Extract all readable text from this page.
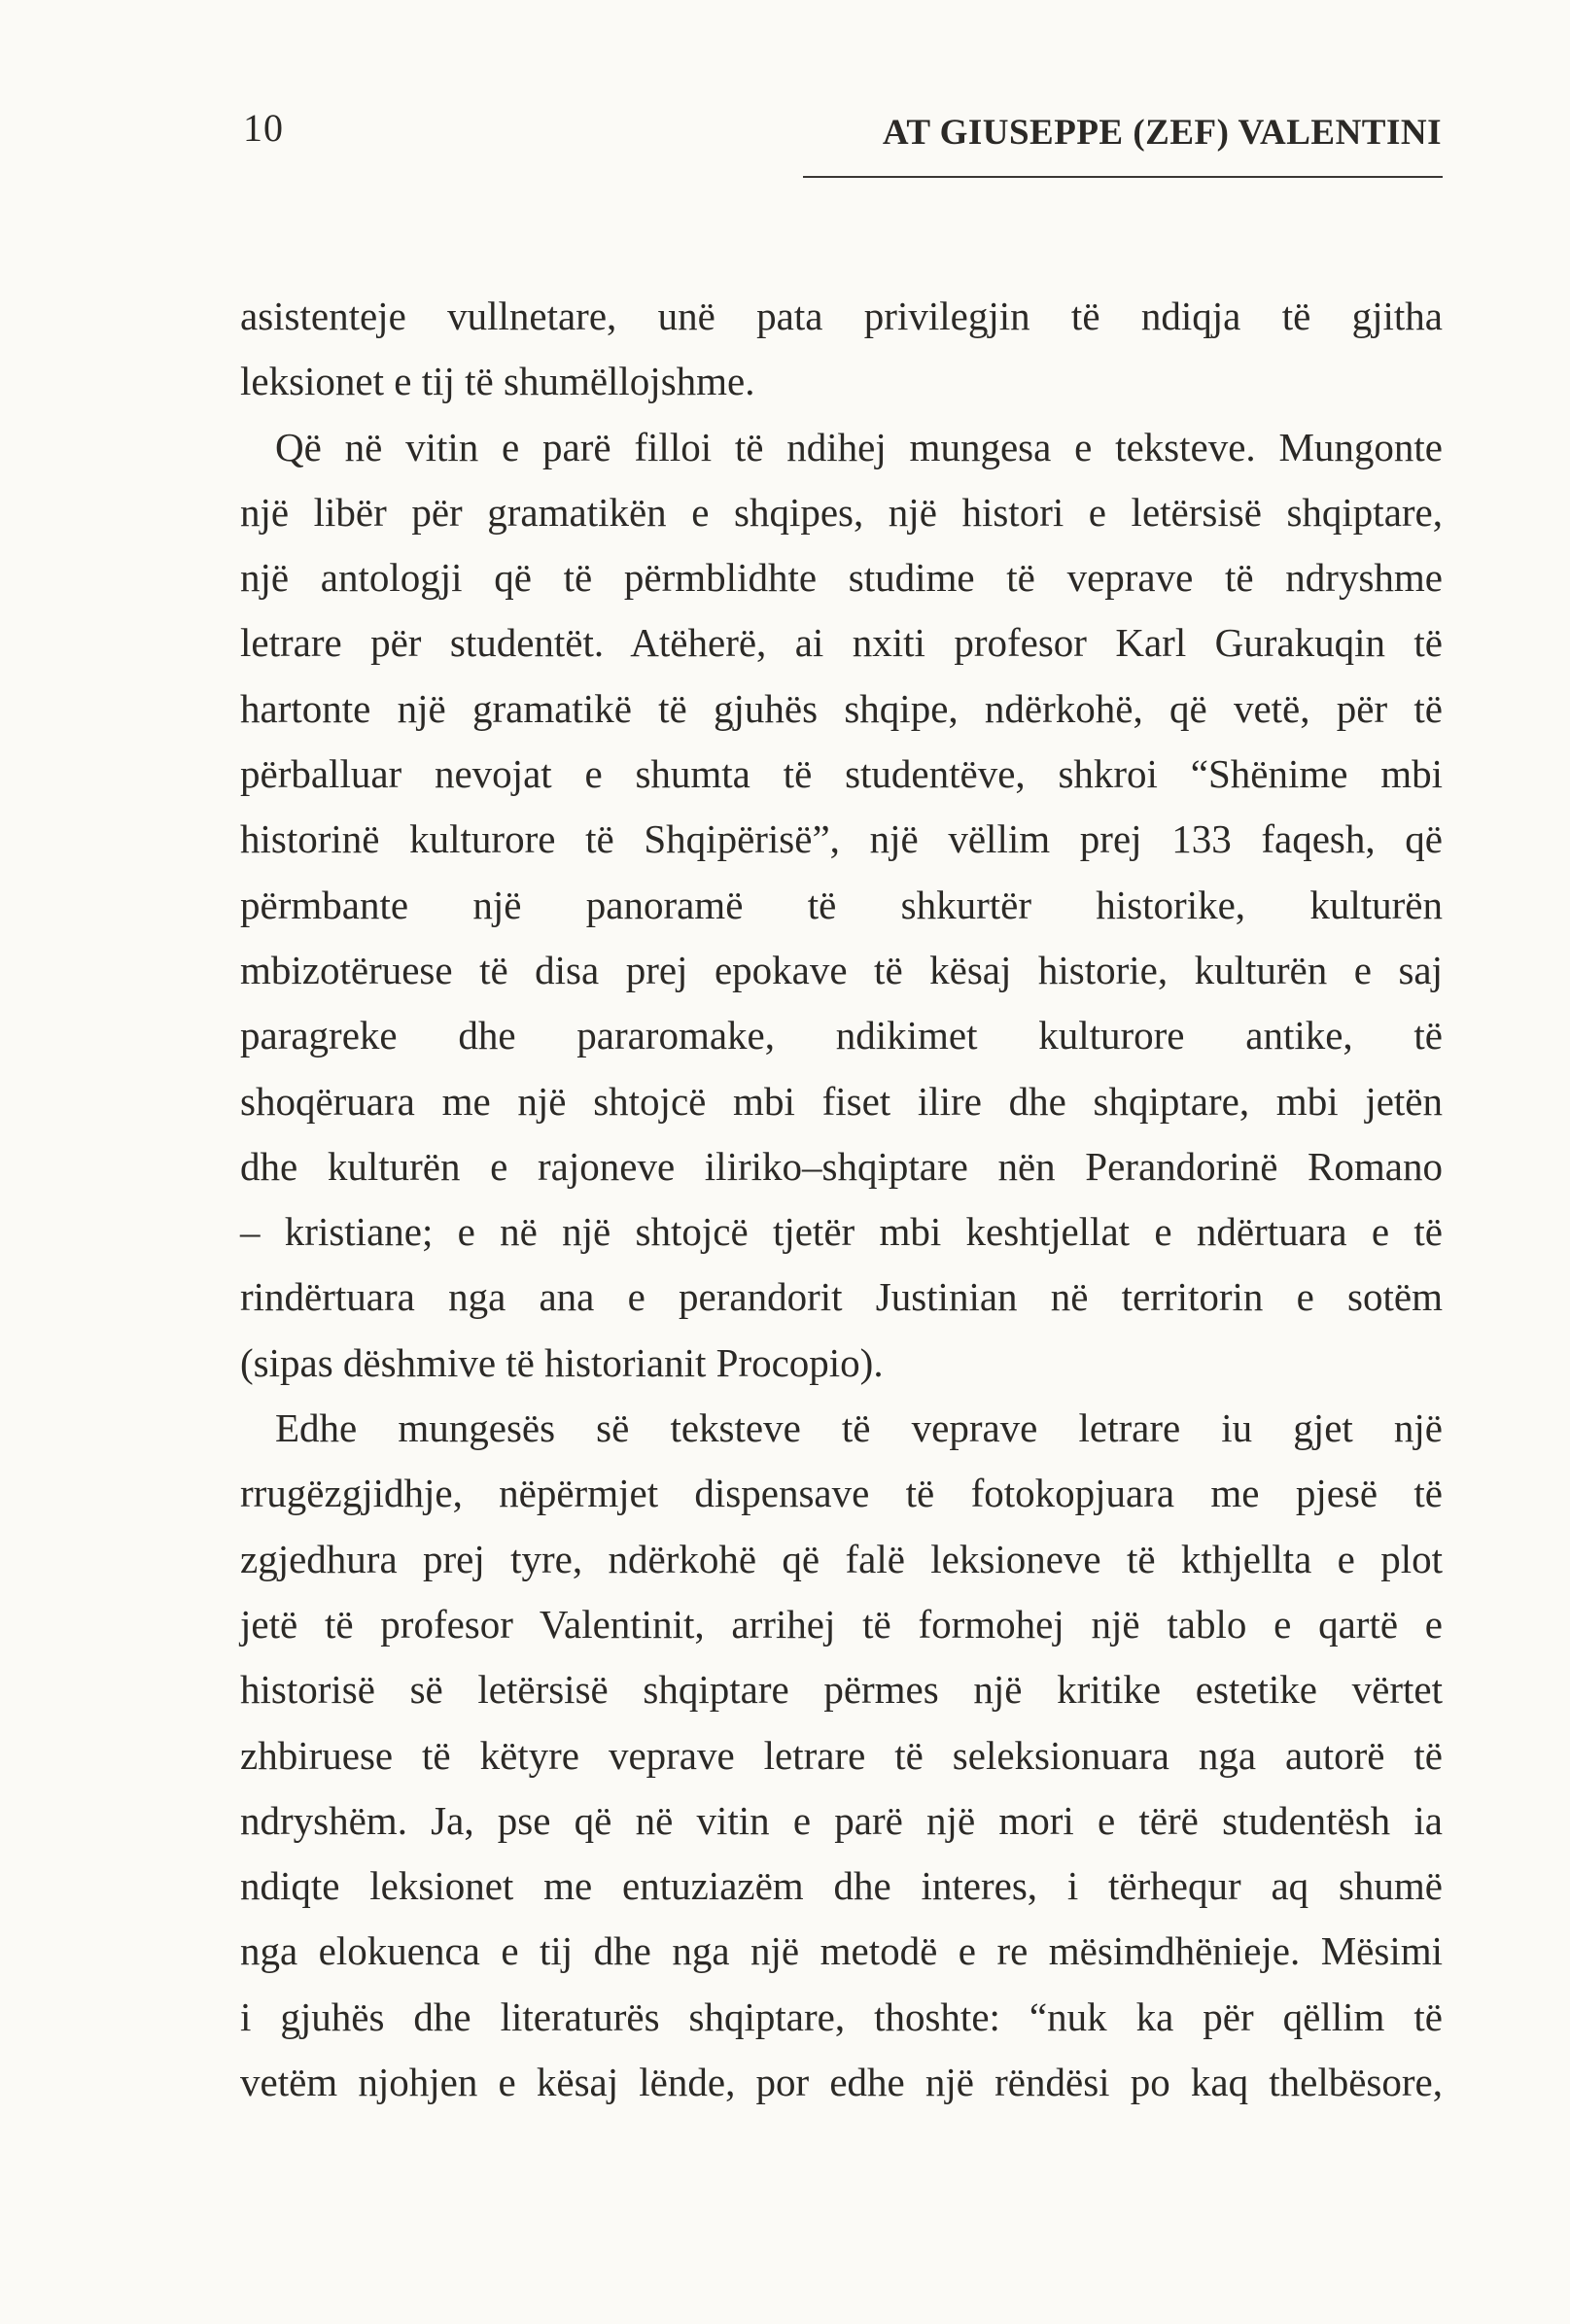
10	AT GIUSEPPE (ZEF) VALENTINI

asistenteje vullnetare, unë pata privilegjin të ndiqja të gjitha
leksionet e tij të shumëllojshme.

Që në vitin e parë filloi të ndihej mungesa e teksteve. Mungonte
një libër për gramatikën e shqipes, një histori e letërsisë shqiptare,
një antologji që të përmblidhte studime të veprave të ndryshme
letrare për studentët. Atëherë, ai nxiti profesor Karl Gurakuqin të
hartonte një gramatikë të gjuhës shqipe, ndërkohë, që vetë, për të
përballuar nevojat e shumta të studentëve, shkroi “Shënime mbi
historinë kulturore të Shqipërisë”, një vëllim prej 133 faqesh, që
përmbante një panoramë të shkurtër historike, kulturën
mbizotëruese të disa prej epokave të kësaj historie, kulturën e saj
paragreke dhe pararomake, ndikimet kulturore antike, të
shoqëruara me një shtojcë mbi fiset ilire dhe shqiptare, mbi jetën
dhe kulturën e rajoneve iliriko–shqiptare nën Perandorinë Romano
– kristiane; e në një shtojcë tjetër mbi keshtjellat e ndërtuara e të
rindërtuara nga ana e perandorit Justinian në territorin e sotëm
(sipas dëshmive të historianit Procopio).

Edhe mungesës së teksteve të veprave letrare iu gjet një
rrugëzgjidhje, nëpërmjet dispensave të fotokopjuara me pjesë të
zgjedhura prej tyre, ndërkohë që falë leksioneve të kthjellta e plot
jetë të profesor Valentinit, arrihej të formohej një tablo e qartë e
historisë së letërsisë shqiptare përmes një kritike estetike vërtet
zhbiruese të këtyre veprave letrare të seleksionuara nga autorë të
ndryshëm. Ja, pse që në vitin e parë një mori e tërë studentësh ia
ndiqte leksionet me entuziazëm dhe interes, i tërhequr aq shumë
nga elokuenca e tij dhe nga një metodë e re mësimdhënieje. Mësimi
i gjuhës dhe literaturës shqiptare, thoshte: “nuk ka për qëllim të
vetëm njohjen e kësaj lënde, por edhe një rëndësi po kaq thelbësore,
